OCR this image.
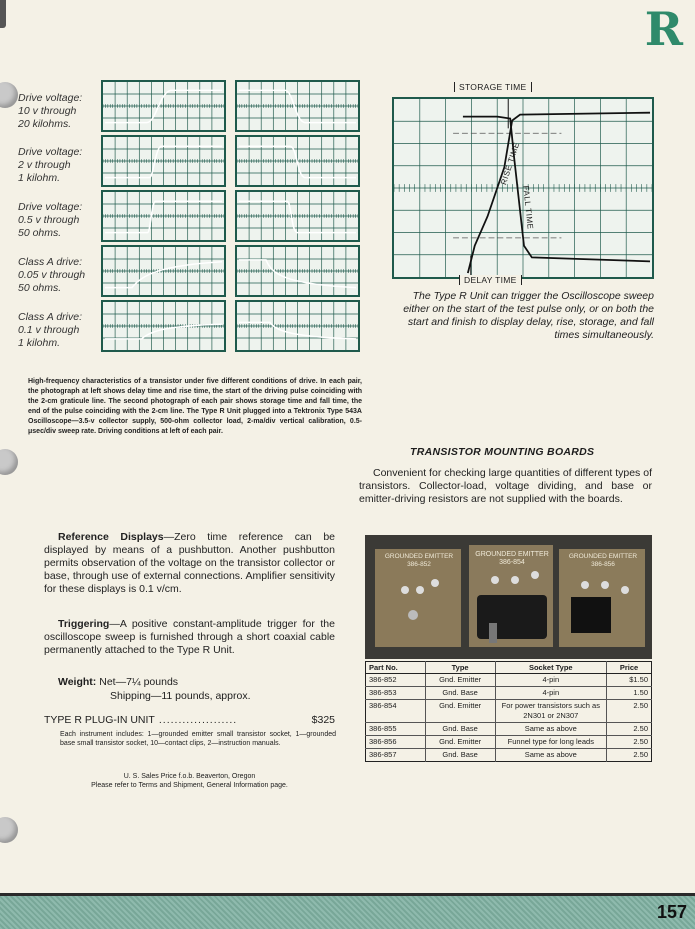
R
Drive voltage:
10 v through
20 kilohms.
Drive voltage:
2 v through
1 kilohm.
Drive voltage:
0.5 v through
50 ohms.
Class A drive:
0.05 v through
50 ohms.
Class A drive:
0.1 v through
1 kilohm.
High-frequency characteristics of a transistor under five different conditions of drive. In each pair, the photograph at left shows delay time and rise time, the start of the driving pulse coinciding with the 2-cm graticule line. The second photograph of each pair shows storage time and fall time, the end of the pulse coinciding with the 2-cm line. The Type R Unit plugged into a Tektronix Type 543A Oscilloscope—3.5-v collector supply, 500-ohm collector load, 2-ma/div vertical calibration, 0.5-μsec/div sweep rate. Driving conditions at left of each pair.
RISE TIME
FALL TIME
STORAGE TIME
DELAY TIME
The Type R Unit can trigger the Oscilloscope sweep either on the start of the test pulse only, or on both the start and finish to display delay, rise, storage, and fall times simultaneously.
TRANSISTOR MOUNTING BOARDS
Convenient for checking large quantities of different types of transistors. Collector-load, voltage dividing, and base or emitter-driving resistors are not supplied with the boards.
GROUNDED EMITTER
386-852
GROUNDED EMITTER
386-854
GROUNDED EMITTER
386-856
Part No.	Type	Socket Type	Price
386-852	Gnd. Emitter	4-pin	$1.50
386-853	Gnd. Base	4-pin	1.50
386-854	Gnd. Emitter	For power transistors such as 2N301 or 2N307	2.50
386-855	Gnd. Base	Same as above	2.50
386-856	Gnd. Emitter	Funnel type for long leads	2.50
386-857	Gnd. Base	Same as above	2.50
Reference Displays—Zero time reference can be displayed by means of a pushbutton. Another pushbutton permits observation of the voltage on the transistor collector or base, through use of external connections. Amplifier sensitivity for these displays is 0.1 v/cm.
Triggering—A positive constant-amplitude trigger for the oscilloscope sweep is furnished through a short coaxial cable permanently attached to the Type R Unit.
Weight: Net—7¼ pounds
Shipping—11 pounds, approx.
TYPE R PLUG-IN UNIT ....................	$325
Each instrument includes: 1—grounded emitter small transistor socket, 1—grounded base small transistor socket, 10—contact clips, 2—instruction manuals.
U. S. Sales Price f.o.b. Beaverton, Oregon
Please refer to Terms and Shipment, General Information page.
157
